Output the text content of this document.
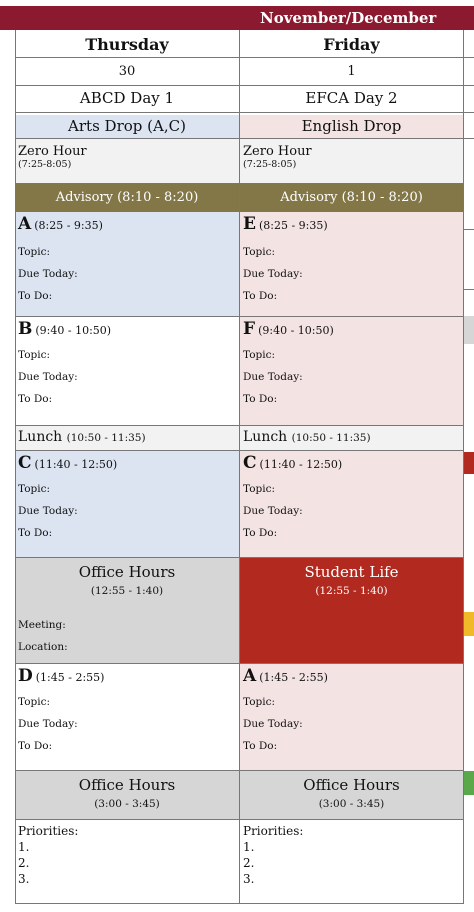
November/December
Thursday
30
ABCD Day 1
Arts Drop (A,C)
Zero Hour
(7:25-8:05)
Advisory (8:10 - 8:20)
A (8:25 - 9:35)
Topic:
Due Today:
To Do:
B (9:40 - 10:50)
Topic:
Due Today:
To Do:
Lunch (10:50 - 11:35)
C (11:40 - 12:50)
Topic:
Due Today:
To Do:
Office Hours
(12:55 - 1:40)
Meeting:
Location:
D (1:45 - 2:55)
Topic:
Due Today:
To Do:
Office Hours
(3:00 - 3:45)
Priorities:
1.
2.
3.
Friday
1
EFCA Day 2
English Drop
Zero Hour
(7:25-8:05)
Advisory (8:10 - 8:20)
E (8:25 - 9:35)
Topic:
Due Today:
To Do:
F (9:40 - 10:50)
Topic:
Due Today:
To Do:
Lunch (10:50 - 11:35)
C (11:40 - 12:50)
Topic:
Due Today:
To Do:
Student Life
(12:55 - 1:40)
A (1:45 - 2:55)
Topic:
Due Today:
To Do:
Office Hours
(3:00 - 3:45)
Priorities:
1.
2.
3.
